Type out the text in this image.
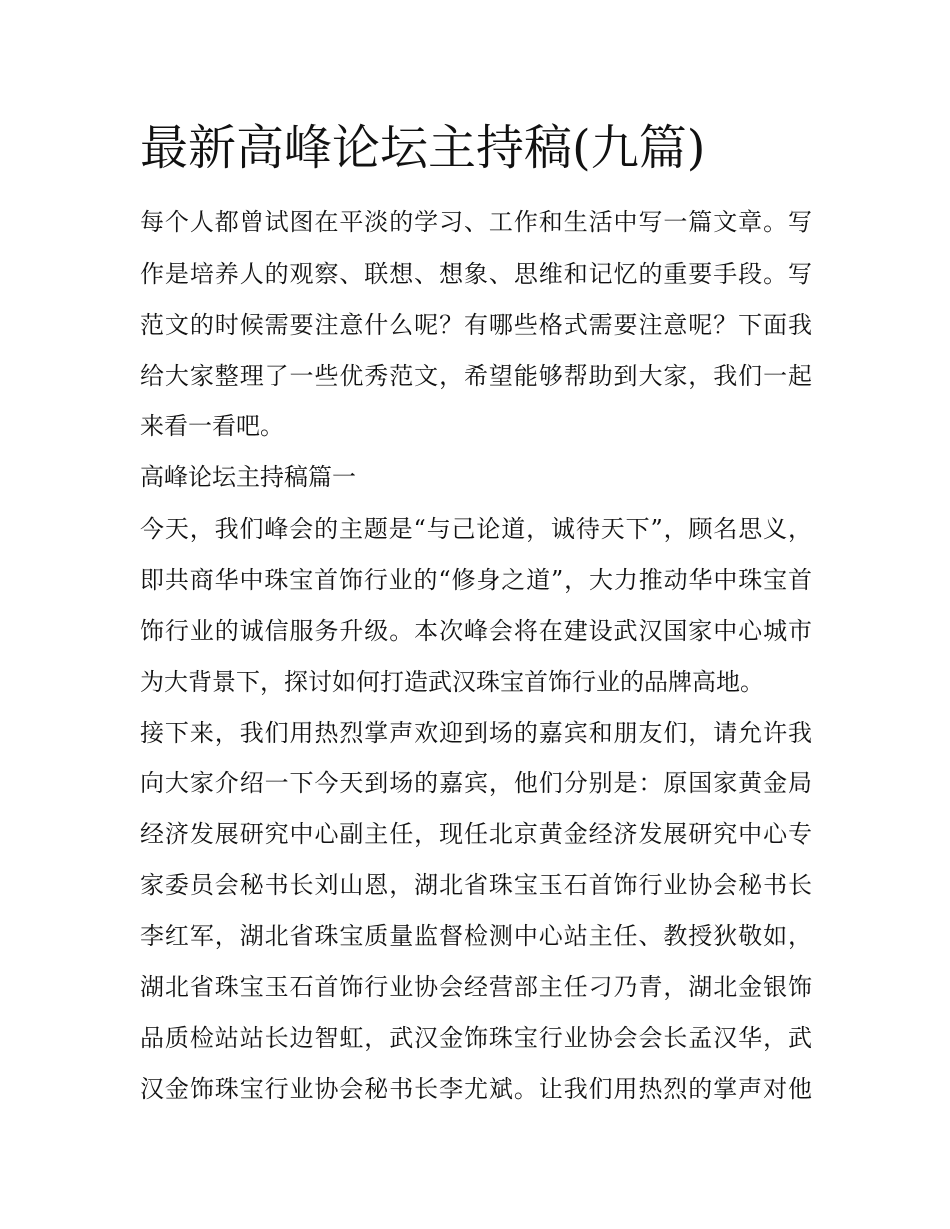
最新高峰论坛主持稿(九篇)

每个人都曾试图在平淡的学习、工作和生活中写一篇文章。写

作是培养人的观察、联想、想象、思维和记忆的重要手段。写

范文的时候需要注意什么呢？有哪些格式需要注意呢？下面我

给大家整理了一些优秀范文，希望能够帮助到大家，我们一起

来看一看吧。

高峰论坛主持稿篇一

今天，我们峰会的主题是“与己论道，诚待天下”，顾名思义，

即共商华中珠宝首饰行业的“修身之道”，大力推动华中珠宝首

饰行业的诚信服务升级。本次峰会将在建设武汉国家中心城市

为大背景下，探讨如何打造武汉珠宝首饰行业的品牌高地。

接下来，我们用热烈掌声欢迎到场的嘉宾和朋友们，请允许我

向大家介绍一下今天到场的嘉宾，他们分别是：原国家黄金局

经济发展研究中心副主任，现任北京黄金经济发展研究中心专

家委员会秘书长刘山恩，湖北省珠宝玉石首饰行业协会秘书长

李红军，湖北省珠宝质量监督检测中心站主任、教授狄敬如，

湖北省珠宝玉石首饰行业协会经营部主任刁乃青，湖北金银饰

品质检站站长边智虹，武汉金饰珠宝行业协会会长孟汉华，武

汉金饰珠宝行业协会秘书长李尤斌。让我们用热烈的掌声对他
